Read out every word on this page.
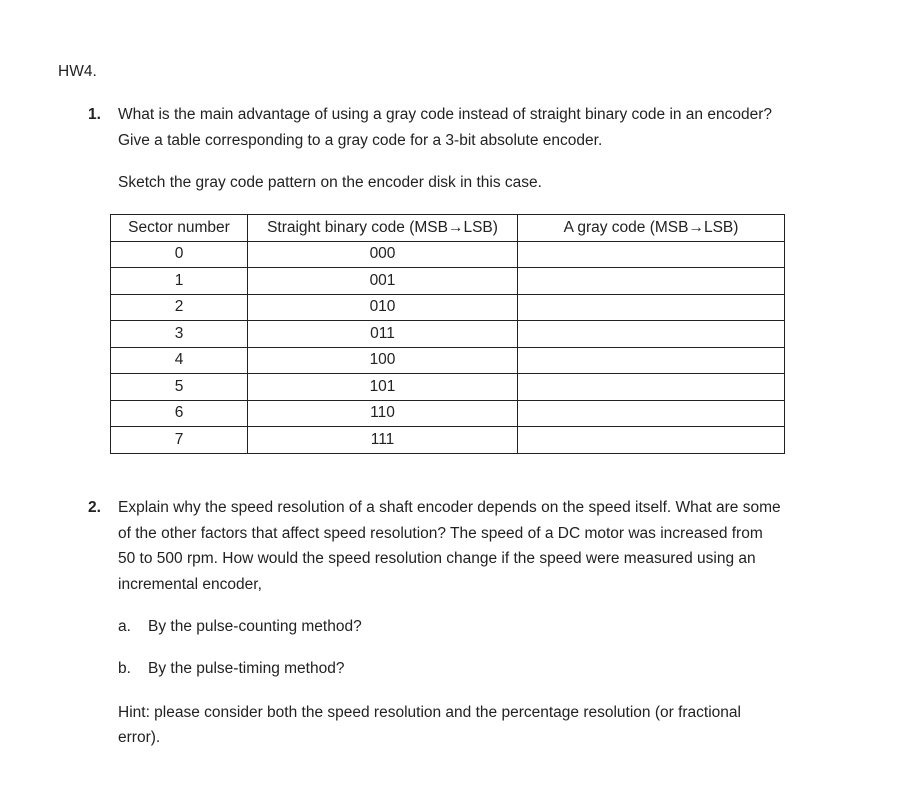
HW4.
1. What is the main advantage of using a gray code instead of straight binary code in an encoder?
Give a table corresponding to a gray code for a 3-bit absolute encoder.
Sketch the gray code pattern on the encoder disk in this case.
Sector number	Straight binary code (MSB→LSB)	A gray code (MSB→LSB)
0	000	
1	001	
2	010	
3	011	
4	100	
5	101	
6	110	
7	111	
2. Explain why the speed resolution of a shaft encoder depends on the speed itself. What are some
of the other factors that affect speed resolution? The speed of a DC motor was increased from
50 to 500 rpm. How would the speed resolution change if the speed were measured using an
incremental encoder,
a. By the pulse-counting method?
b. By the pulse-timing method?
Hint: please consider both the speed resolution and the percentage resolution (or fractional
error).
